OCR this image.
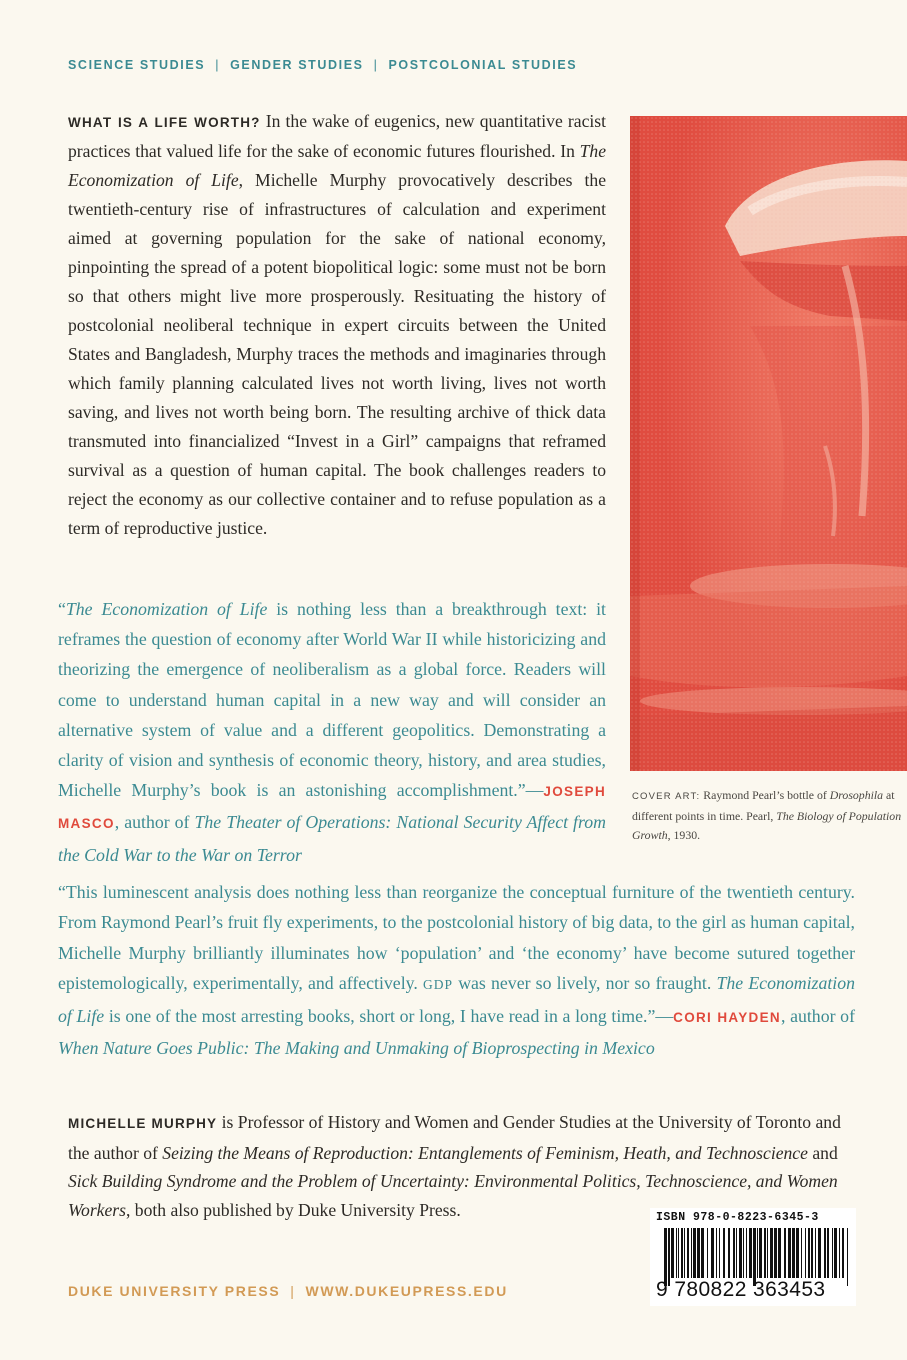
SCIENCE STUDIES | GENDER STUDIES | POSTCOLONIAL STUDIES

WHAT IS A LIFE WORTH? In the wake of eugenics, new quantitative racist practices that valued life for the sake of economic futures flourished. In The Economization of Life, Michelle Murphy provocatively describes the twentieth-century rise of infrastructures of calculation and experiment aimed at governing population for the sake of national economy, pinpointing the spread of a potent biopolitical logic: some must not be born so that others might live more prosperously. Resituating the history of postcolonial neoliberal technique in expert circuits between the United States and Bangladesh, Murphy traces the methods and imaginaries through which family planning calculated lives not worth living, lives not worth saving, and lives not worth being born. The resulting archive of thick data transmuted into financialized “Invest in a Girl” campaigns that reframed survival as a question of human capital. The book challenges readers to reject the economy as our collective container and to refuse population as a term of reproductive justice.

“The Economization of Life is nothing less than a breakthrough text: it reframes the question of economy after World War II while historicizing and theorizing the emergence of neoliberalism as a global force. Readers will come to understand human capital in a new way and will consider an alternative system of value and a different geopolitics. Demonstrating a clarity of vision and synthesis of economic theory, history, and area studies, Michelle Murphy’s book is an astonishing accomplishment.”—JOSEPH MASCO, author of The Theater of Operations: National Security Affect from the Cold War to the War on Terror

COVER ART: Raymond Pearl’s bottle of Drosophila at different points in time. Pearl, The Biology of Population Growth, 1930.

“This luminescent analysis does nothing less than reorganize the conceptual furniture of the twentieth century. From Raymond Pearl’s fruit fly experiments, to the postcolonial history of big data, to the girl as human capital, Michelle Murphy brilliantly illuminates how ‘population’ and ‘the economy’ have become sutured together epistemologically, experimentally, and affectively. GDP was never so lively, nor so fraught. The Economization of Life is one of the most arresting books, short or long, I have read in a long time.”—CORI HAYDEN, author of When Nature Goes Public: The Making and Unmaking of Bioprospecting in Mexico

MICHELLE MURPHY is Professor of History and Women and Gender Studies at the University of Toronto and the author of Seizing the Means of Reproduction: Entanglements of Feminism, Heath, and Technoscience and Sick Building Syndrome and the Problem of Uncertainty: Environmental Politics, Technoscience, and Women Workers, both also published by Duke University Press.	ISBN 978-0-8223-6345-3
9 780822 363453
DUKE UNIVERSITY PRESS | WWW.DUKEUPRESS.EDU
